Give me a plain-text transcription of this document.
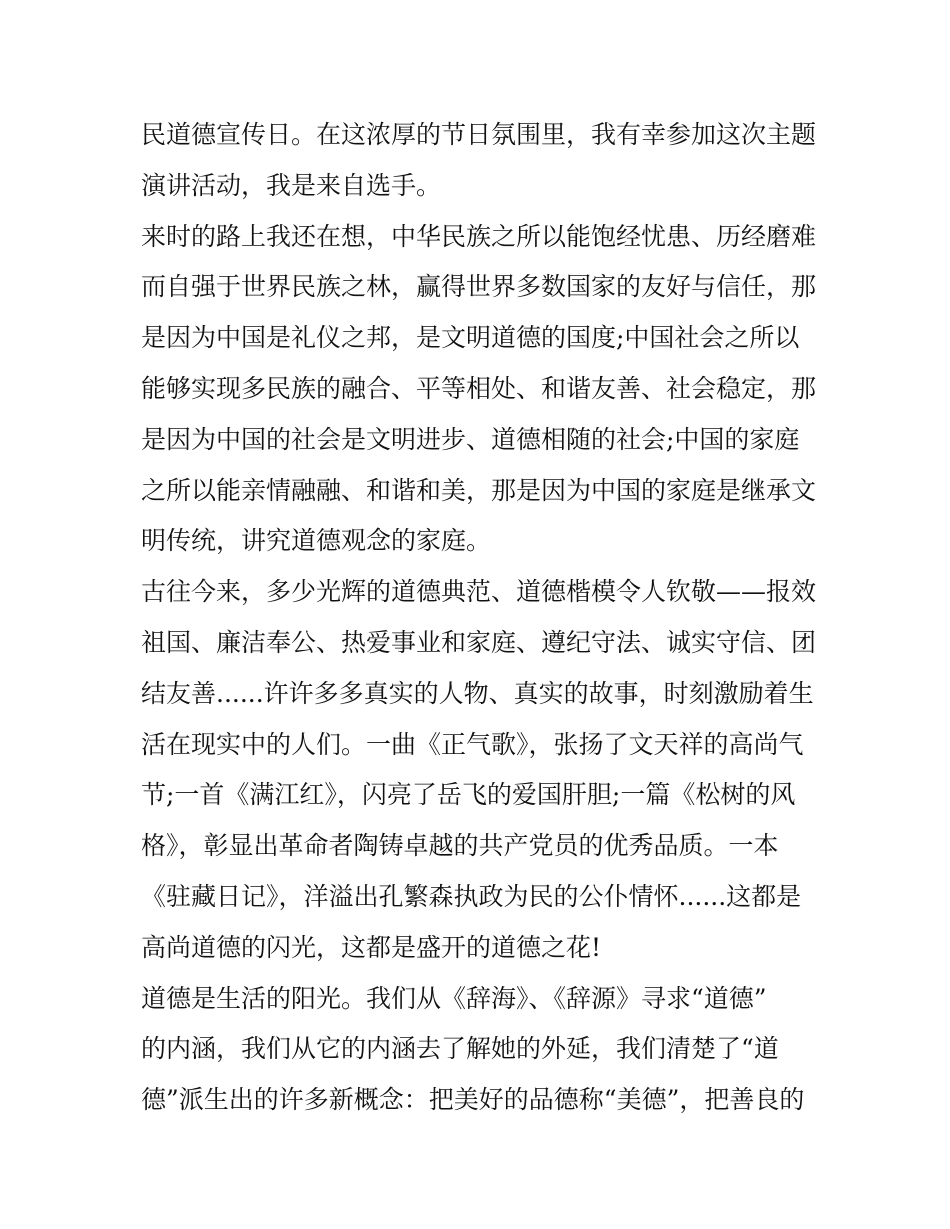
民道德宣传日。在这浓厚的节日氛围里，我有幸参加这次主题
演讲活动，我是来自选手。
来时的路上我还在想，中华民族之所以能饱经忧患、历经磨难
而自强于世界民族之林，赢得世界多数国家的友好与信任，那
是因为中国是礼仪之邦，是文明道德的国度;中国社会之所以
能够实现多民族的融合、平等相处、和谐友善、社会稳定，那
是因为中国的社会是文明进步、道德相随的社会;中国的家庭
之所以能亲情融融、和谐和美，那是因为中国的家庭是继承文
明传统，讲究道德观念的家庭。
古往今来，多少光辉的道德典范、道德楷模令人钦敬——报效
祖国、廉洁奉公、热爱事业和家庭、遵纪守法、诚实守信、团
结友善......许许多多真实的人物、真实的故事，时刻激励着生
活在现实中的人们。一曲《正气歌》，张扬了文天祥的高尚气
节;一首《满江红》，闪亮了岳飞的爱国肝胆;一篇《松树的风
格》，彰显出革命者陶铸卓越的共产党员的优秀品质。一本
《驻藏日记》，洋溢出孔繁森执政为民的公仆情怀......这都是
高尚道德的闪光，这都是盛开的道德之花!
道德是生活的阳光。我们从《辞海》、《辞源》寻求“道德”
的内涵，我们从它的内涵去了解她的外延，我们清楚了“道
德”派生出的许多新概念：把美好的品德称“美德”，把善良的
